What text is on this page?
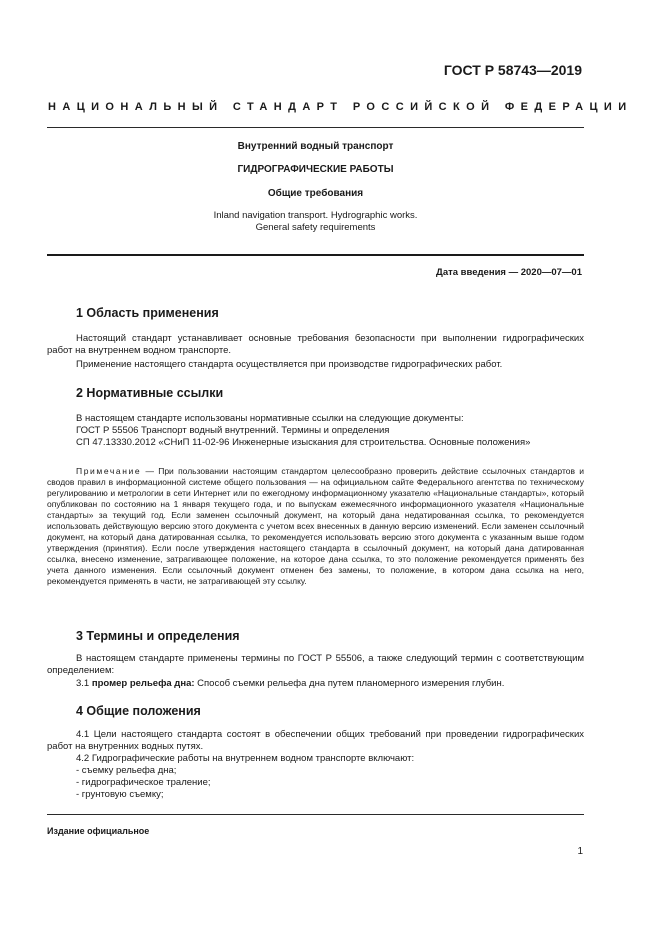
ГОСТ Р 58743—2019
НАЦИОНАЛЬНЫЙ СТАНДАРТ РОССИЙСКОЙ ФЕДЕРАЦИИ
Внутренний водный транспорт
ГИДРОГРАФИЧЕСКИЕ РАБОТЫ
Общие требования
Inland navigation transport. Hydrographic works.
General safety requirements
Дата введения — 2020—07—01
1 Область применения
Настоящий стандарт устанавливает основные требования безопасности при выполнении гидрографических работ на внутреннем водном транспорте.
Применение настоящего стандарта осуществляется при производстве гидрографических работ.
2 Нормативные ссылки
В настоящем стандарте использованы нормативные ссылки на следующие документы:
ГОСТ Р 55506 Транспорт водный внутренний. Термины и определения
СП 47.13330.2012 «СНиП 11-02-96 Инженерные изыскания для строительства. Основные положения»
Примечание — При пользовании настоящим стандартом целесообразно проверить действие ссылочных стандартов и сводов правил в информационной системе общего пользования — на официальном сайте Федерального агентства по техническому регулированию и метрологии в сети Интернет или по ежегодному информационному указателю «Национальные стандарты», который опубликован по состоянию на 1 января текущего года, и по выпускам ежемесячного информационного указателя «Национальные стандарты» за текущий год. Если заменен ссылочный документ, на который дана недатированная ссылка, то рекомендуется использовать действующую версию этого документа с учетом всех внесенных в данную версию изменений. Если заменен ссылочный документ, на который дана датированная ссылка, то рекомендуется использовать версию этого документа с указанным выше годом утверждения (принятия). Если после утверждения настоящего стандарта в ссылочный документ, на который дана датированная ссылка, внесено изменение, затрагивающее положение, на которое дана ссылка, то это положение рекомендуется применять без учета данного изменения. Если ссылочный документ отменен без замены, то положение, в котором дана ссылка на него, рекомендуется применять в части, не затрагивающей эту ссылку.
3 Термины и определения
В настоящем стандарте применены термины по ГОСТ Р 55506, а также следующий термин с соответствующим определением:
3.1 промер рельефа дна: Способ съемки рельефа дна путем планомерного измерения глубин.
4 Общие положения
4.1 Цели настоящего стандарта состоят в обеспечении общих требований при проведении гидрографических работ на внутренних водных путях.
4.2 Гидрографические работы на внутреннем водном транспорте включают:
- съемку рельефа дна;
- гидрографическое траление;
- грунтовую съемку;
Издание официальное
1
